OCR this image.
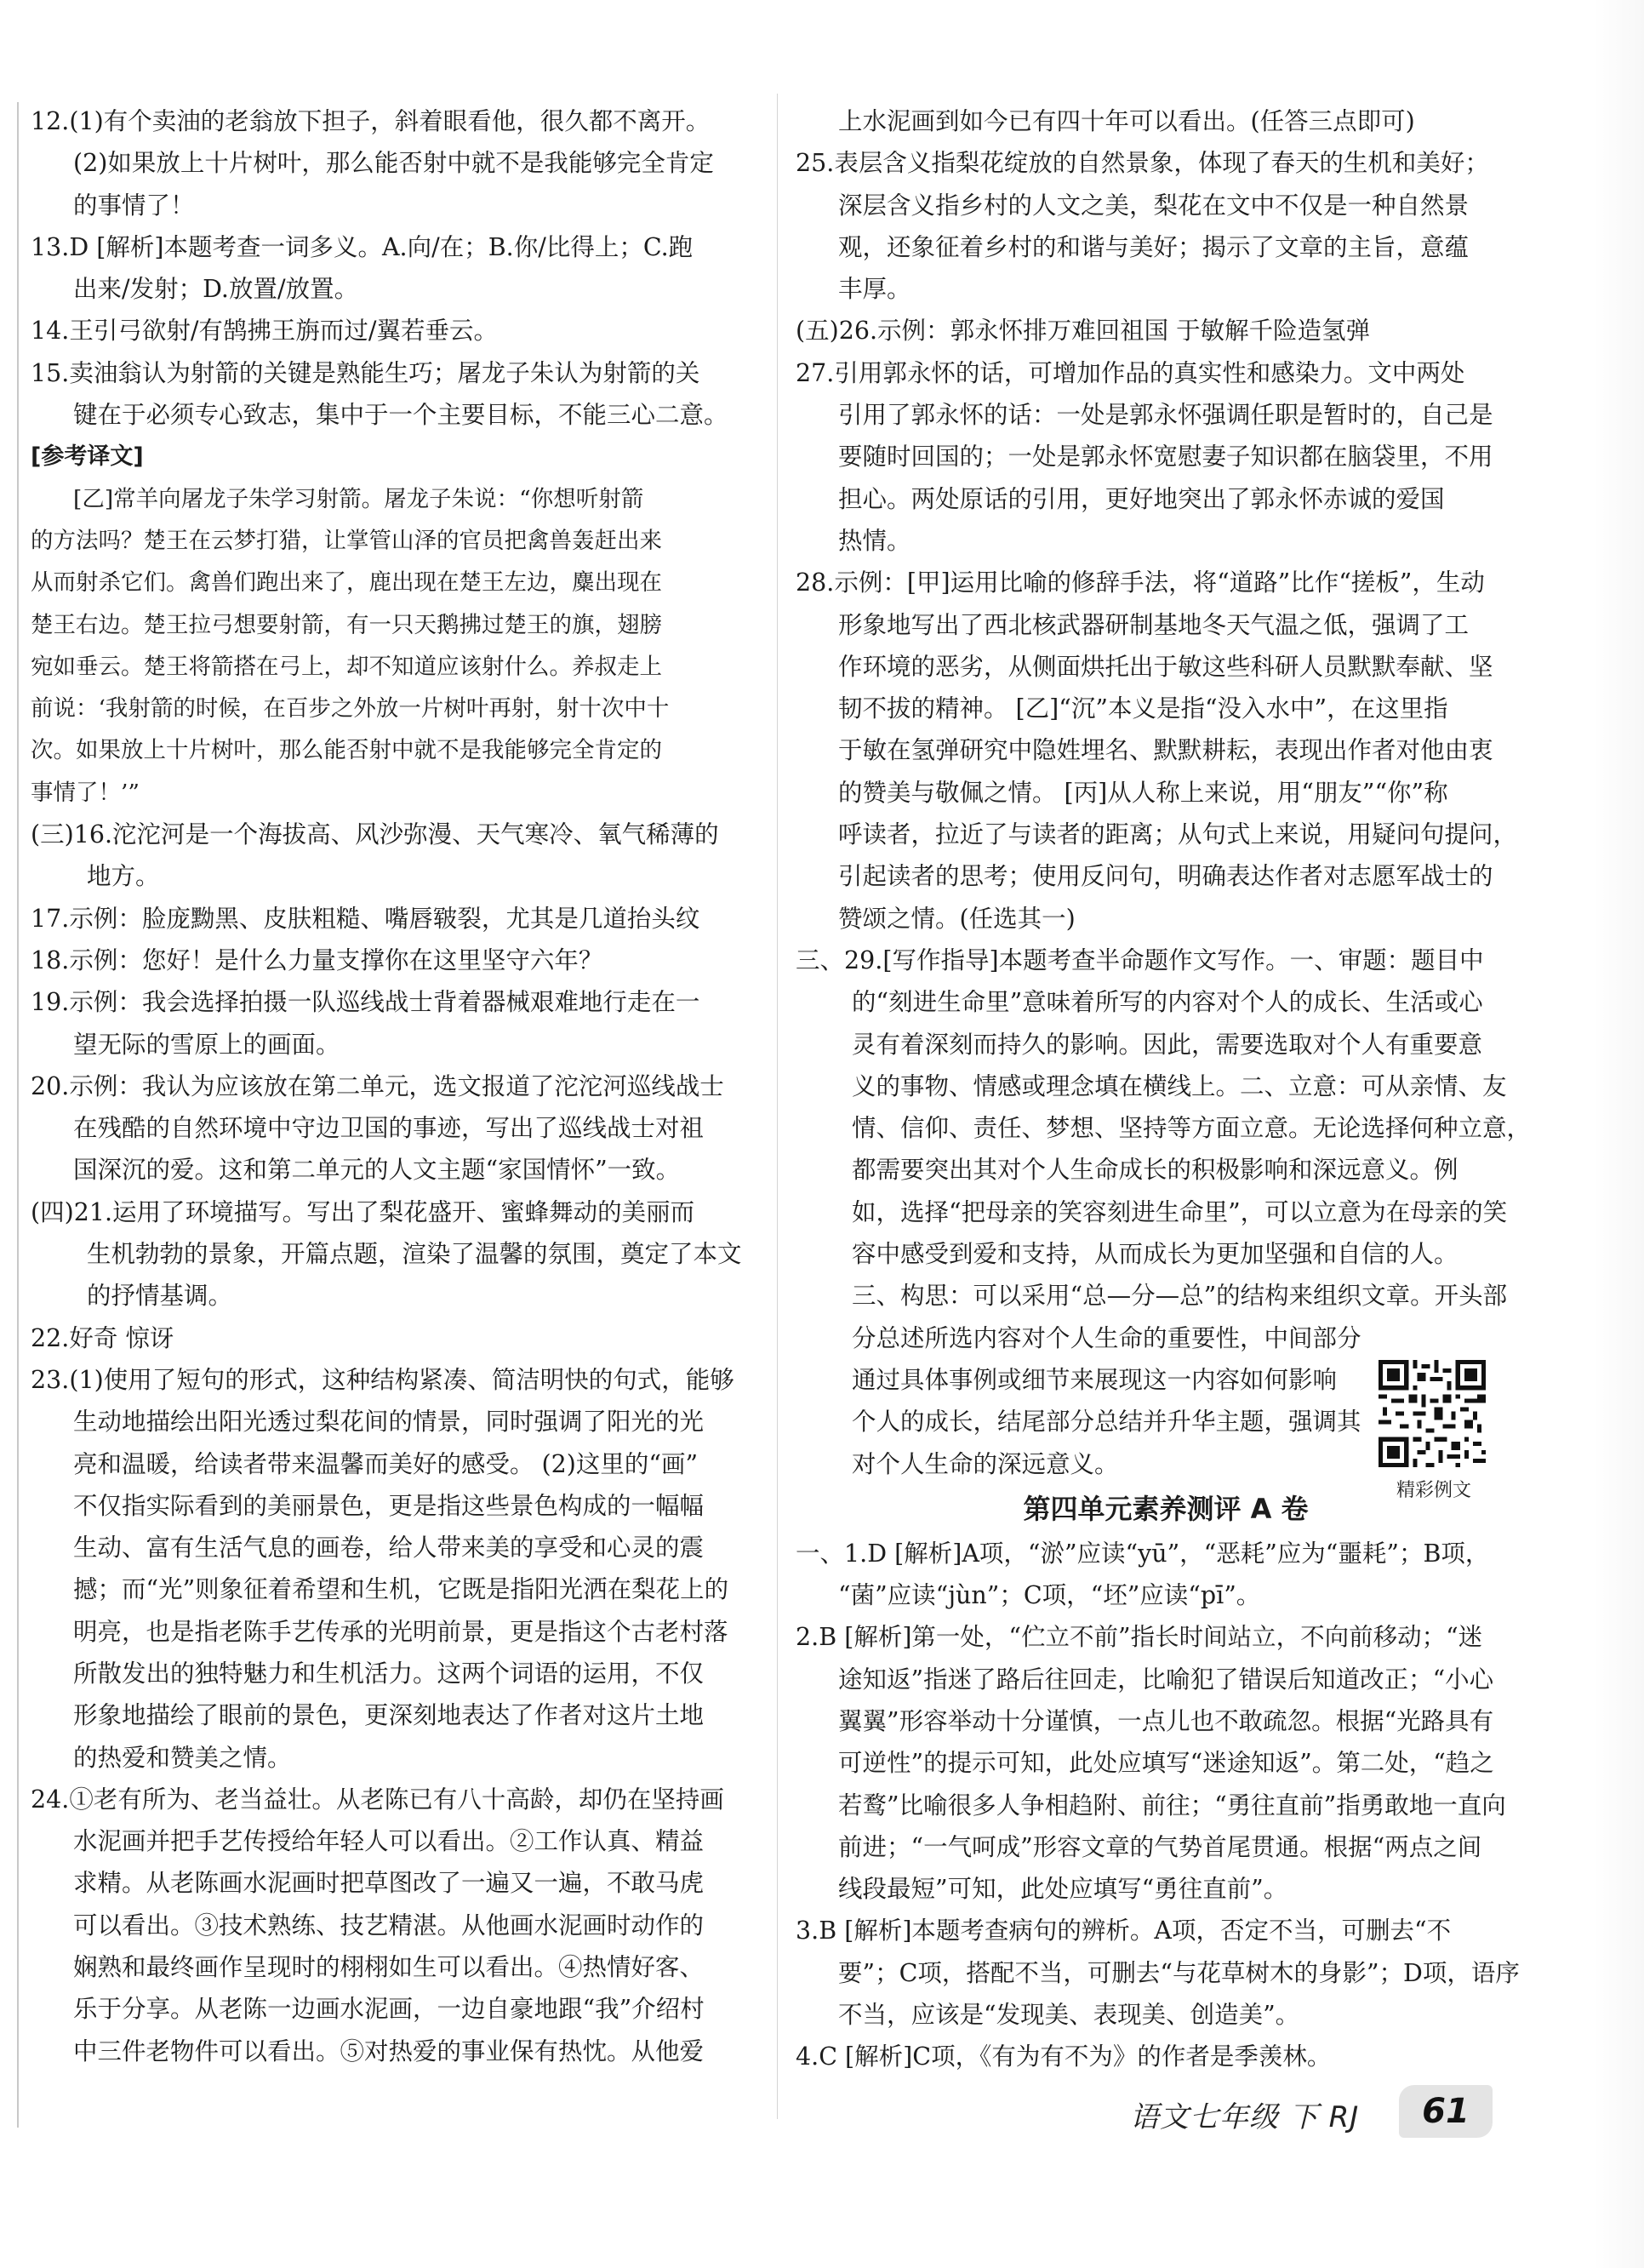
12.(1)有个卖油的老翁放下担子，斜着眼看他，很久都不离开。
(2)如果放上十片树叶，那么能否射中就不是我能够完全肯定
的事情了！
13.D [解析]本题考查一词多义。A.向/在；B.你/比得上；C.跑
出来/发射；D.放置/放置。
14.王引弓欲射/有鹄拂王旃而过/翼若垂云。
15.卖油翁认为射箭的关键是熟能生巧；屠龙子朱认为射箭的关
键在于必须专心致志，集中于一个主要目标，不能三心二意。
[参考译文]
[乙]常羊向屠龙子朱学习射箭。屠龙子朱说：“你想听射箭
的方法吗？楚王在云梦打猎，让掌管山泽的官员把禽兽轰赶出来
从而射杀它们。禽兽们跑出来了，鹿出现在楚王左边，麋出现在
楚王右边。楚王拉弓想要射箭，有一只天鹅拂过楚王的旗，翅膀
宛如垂云。楚王将箭搭在弓上，却不知道应该射什么。养叔走上
前说：‘我射箭的时候，在百步之外放一片树叶再射，射十次中十
次。如果放上十片树叶，那么能否射中就不是我能够完全肯定的
事情了！’”
(三)16.沱沱河是一个海拔高、风沙弥漫、天气寒冷、氧气稀薄的
地方。
17.示例：脸庞黝黑、皮肤粗糙、嘴唇皲裂，尤其是几道抬头纹
18.示例：您好！是什么力量支撑你在这里坚守六年？
19.示例：我会选择拍摄一队巡线战士背着器械艰难地行走在一
望无际的雪原上的画面。
20.示例：我认为应该放在第二单元，选文报道了沱沱河巡线战士
在残酷的自然环境中守边卫国的事迹，写出了巡线战士对祖
国深沉的爱。这和第二单元的人文主题“家国情怀”一致。
(四)21.运用了环境描写。写出了梨花盛开、蜜蜂舞动的美丽而
生机勃勃的景象，开篇点题，渲染了温馨的氛围，奠定了本文
的抒情基调。
22.好奇 惊讶
23.(1)使用了短句的形式，这种结构紧凑、简洁明快的句式，能够
生动地描绘出阳光透过梨花间的情景，同时强调了阳光的光
亮和温暖，给读者带来温馨而美好的感受。 (2)这里的“画”
不仅指实际看到的美丽景色，更是指这些景色构成的一幅幅
生动、富有生活气息的画卷，给人带来美的享受和心灵的震
撼；而“光”则象征着希望和生机，它既是指阳光洒在梨花上的
明亮，也是指老陈手艺传承的光明前景，更是指这个古老村落
所散发出的独特魅力和生机活力。这两个词语的运用，不仅
形象地描绘了眼前的景色，更深刻地表达了作者对这片土地
的热爱和赞美之情。
24.①老有所为、老当益壮。从老陈已有八十高龄，却仍在坚持画
水泥画并把手艺传授给年轻人可以看出。②工作认真、精益
求精。从老陈画水泥画时把草图改了一遍又一遍，不敢马虎
可以看出。③技术熟练、技艺精湛。从他画水泥画时动作的
娴熟和最终画作呈现时的栩栩如生可以看出。④热情好客、
乐于分享。从老陈一边画水泥画，一边自豪地跟“我”介绍村
中三件老物件可以看出。⑤对热爱的事业保有热忱。从他爱
上水泥画到如今已有四十年可以看出。(任答三点即可)
25.表层含义指梨花绽放的自然景象，体现了春天的生机和美好；
深层含义指乡村的人文之美，梨花在文中不仅是一种自然景
观，还象征着乡村的和谐与美好；揭示了文章的主旨，意蕴
丰厚。
(五)26.示例：郭永怀排万难回祖国 于敏解千险造氢弹
27.引用郭永怀的话，可增加作品的真实性和感染力。文中两处
引用了郭永怀的话：一处是郭永怀强调任职是暂时的，自己是
要随时回国的；一处是郭永怀宽慰妻子知识都在脑袋里，不用
担心。两处原话的引用，更好地突出了郭永怀赤诚的爱国
热情。
28.示例：[甲]运用比喻的修辞手法，将“道路”比作“搓板”，生动
形象地写出了西北核武器研制基地冬天气温之低，强调了工
作环境的恶劣，从侧面烘托出于敏这些科研人员默默奉献、坚
韧不拔的精神。 [乙]“沉”本义是指“没入水中”，在这里指
于敏在氢弹研究中隐姓埋名、默默耕耘，表现出作者对他由衷
的赞美与敬佩之情。 [丙]从人称上来说，用“朋友”“你”称
呼读者，拉近了与读者的距离；从句式上来说，用疑问句提问，
引起读者的思考；使用反问句，明确表达作者对志愿军战士的
赞颂之情。(任选其一)
三、29.[写作指导]本题考查半命题作文写作。一、审题：题目中
的“刻进生命里”意味着所写的内容对个人的成长、生活或心
灵有着深刻而持久的影响。因此，需要选取对个人有重要意
义的事物、情感或理念填在横线上。二、立意：可从亲情、友
情、信仰、责任、梦想、坚持等方面立意。无论选择何种立意，
都需要突出其对个人生命成长的积极影响和深远意义。例
如，选择“把母亲的笑容刻进生命里”，可以立意为在母亲的笑
容中感受到爱和支持，从而成长为更加坚强和自信的人。
三、构思：可以采用“总—分—总”的结构来组织文章。开头部
分总述所选内容对个人生命的重要性，中间部分
通过具体事例或细节来展现这一内容如何影响
个人的成长，结尾部分总结并升华主题，强调其
对个人生命的深远意义。
第四单元素养测评 A 卷
一、1.D [解析]A项，“淤”应读“yū”，“恶耗”应为“噩耗”；B项，
“菌”应读“jùn”；C项，“坯”应读“pī”。
2.B [解析]第一处，“伫立不前”指长时间站立，不向前移动；“迷
途知返”指迷了路后往回走，比喻犯了错误后知道改正；“小心
翼翼”形容举动十分谨慎，一点儿也不敢疏忽。根据“光路具有
可逆性”的提示可知，此处应填写“迷途知返”。第二处，“趋之
若鹜”比喻很多人争相趋附、前往；“勇往直前”指勇敢地一直向
前进；“一气呵成”形容文章的气势首尾贯通。根据“两点之间
线段最短”可知，此处应填写“勇往直前”。
3.B [解析]本题考查病句的辨析。A项，否定不当，可删去“不
要”；C项，搭配不当，可删去“与花草树木的身影”；D项，语序
不当，应该是“发现美、表现美、创造美”。
4.C [解析]C项，《有为有不为》的作者是季羡林。
精彩例文
语文七年级 下 RJ	61
